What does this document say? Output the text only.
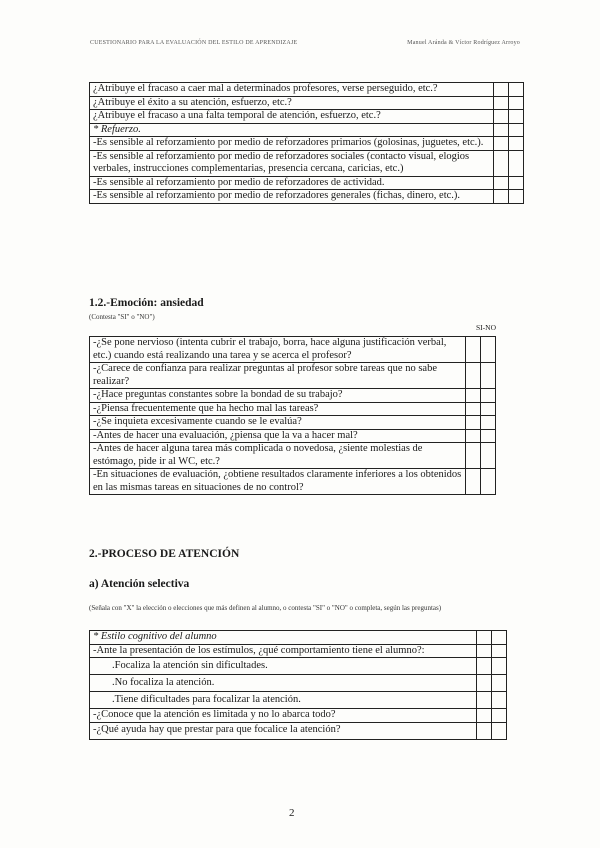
CUESTIONARIO PARA LA EVALUACIÓN DEL ESTILO DE APRENDIZAJE	Manuel Aránda & Víctor Rodríguez Arroyo
¿Atribuye el fracaso a caer mal a determinados profesores, verse perseguido, etc.?		
¿Atribuye el éxito a su atención, esfuerzo, etc.?		
¿Atribuye el fracaso a una falta temporal de atención, esfuerzo, etc.?		
* Refuerzo.		
-Es sensible al reforzamiento por medio de reforzadores primarios (golosinas, juguetes, etc.).		
-Es sensible al reforzamiento por medio de reforzadores sociales (contacto visual, elogios verbales, instrucciones complementarias, presencia cercana, caricias, etc.)		
-Es sensible al reforzamiento por medio de reforzadores de actividad.		
-Es sensible al reforzamiento por medio de reforzadores generales (fichas, dinero, etc.).		
1.2.-Emoción: ansiedad
(Contesta "SI" o "NO")
SI-NO
-¿Se pone nervioso (intenta cubrir el trabajo, borra, hace alguna justificación verbal, etc.) cuando está realizando una tarea y se acerca el profesor?		
-¿Carece de confianza para realizar preguntas al profesor sobre tareas que no sabe realizar?		
-¿Hace preguntas constantes sobre la bondad de su trabajo?		
-¿Piensa frecuentemente que ha hecho mal las tareas?		
-¿Se inquieta excesivamente cuando se le evalúa?		
-Antes de hacer una evaluación, ¿piensa que la va a hacer mal?		
-Antes de hacer alguna tarea más complicada o novedosa, ¿siente molestias de estómago, pide ir al WC, etc.?		
-En situaciones de evaluación, ¿obtiene resultados claramente inferiores a los obtenidos en las mismas tareas en situaciones de no control?		
2.-PROCESO DE ATENCIÓN
a) Atención selectiva
(Señala con "X" la elección o elecciones que más definen al alumno, o contesta "SI" o "NO" o completa, según las preguntas)
* Estilo cognitivo del alumno		
-Ante la presentación de los estímulos, ¿qué comportamiento tiene el alumno?:		
.Focaliza la atención sin dificultades.		
.No focaliza la atención.		
.Tiene dificultades para focalizar la atención.		
-¿Conoce que la atención es limitada y no lo abarca todo?		
-¿Qué ayuda hay que prestar para que focalice la atención?		
2
